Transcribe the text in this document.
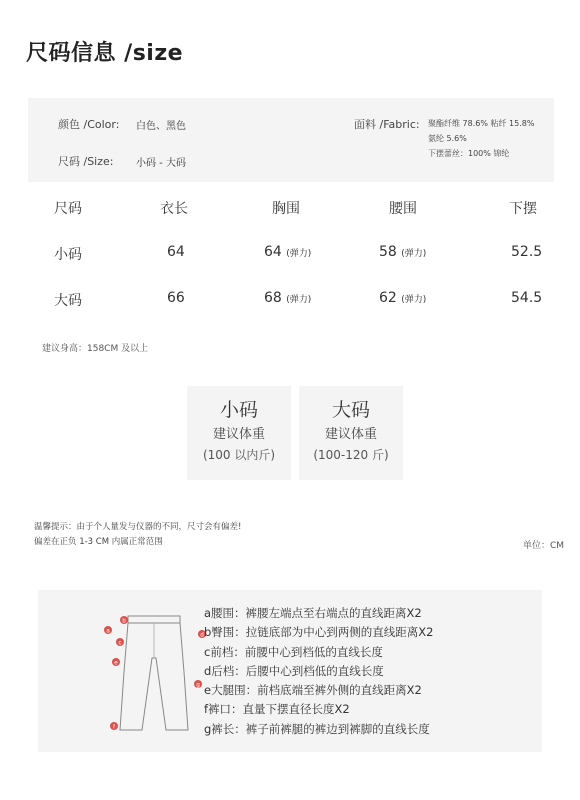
尺码信息 /size
颜色 /Color: 白色、黑色
尺码 /Size: 小码 - 大码
面料 /Fabric: 聚酯纤维 78.6% 粘纤 15.8%
氨纶 5.6%
下摆蕾丝：100% 锦纶
尺码	衣长	胸围	腰围	下摆
小码	64	64 (弹力)	58 (弹力)	52.5
大码	66	68 (弹力)	62 (弹力)	54.5
建议身高：158CM 及以上
小码
建议体重
(100 以内斤)
大码
建议体重
(100-120 斤)
温馨提示：由于个人量发与仪器的不同，尺寸会有偏差!
偏差在正负 1-3 CM 内属正常范围	单位：CM
a
b
c
d
e
f
g
a腰围：裤腰左端点至右端点的直线距离X2
b臀围：拉链底部为中心到两侧的直线距离X2
c前档：前腰中心到档低的直线长度
d后档：后腰中心到档低的直线长度
e大腿围：前档底端至裤外侧的直线距离X2
f裤口：直量下摆直径长度X2
g裤长：裤子前裤腿的裤边到裤脚的直线长度
